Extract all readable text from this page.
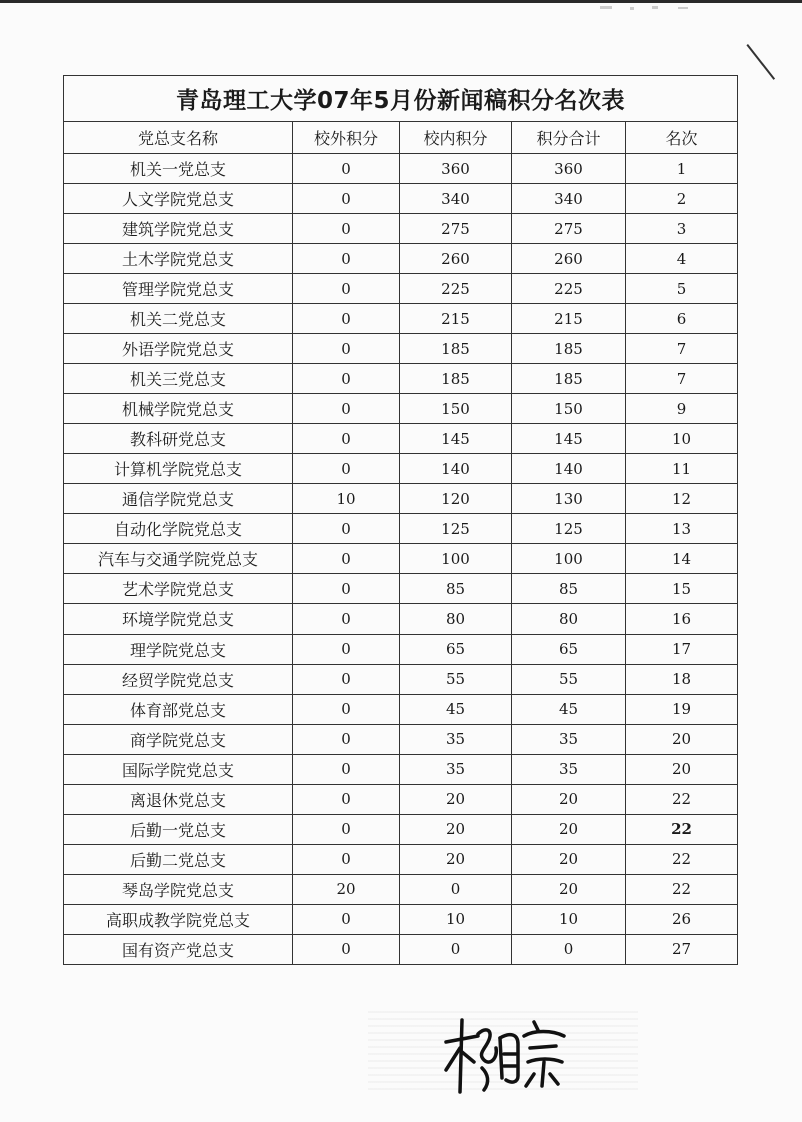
青岛理工大学07年5月份新闻稿积分名次表				
党总支名称	校外积分	校内积分	积分合计	名次
机关一党总支	0	360	360	1
人文学院党总支	0	340	340	2
建筑学院党总支	0	275	275	3
土木学院党总支	0	260	260	4
管理学院党总支	0	225	225	5
机关二党总支	0	215	215	6
外语学院党总支	0	185	185	7
机关三党总支	0	185	185	7
机械学院党总支	0	150	150	9
教科研党总支	0	145	145	10
计算机学院党总支	0	140	140	11
通信学院党总支	10	120	130	12
自动化学院党总支	0	125	125	13
汽车与交通学院党总支	0	100	100	14
艺术学院党总支	0	85	85	15
环境学院党总支	0	80	80	16
理学院党总支	0	65	65	17
经贸学院党总支	0	55	55	18
体育部党总支	0	45	45	19
商学院党总支	0	35	35	20
国际学院党总支	0	35	35	20
离退休党总支	0	20	20	22
后勤一党总支	0	20	20	22
后勤二党总支	0	20	20	22
琴岛学院党总支	20	0	20	22
高职成教学院党总支	0	10	10	26
国有资产党总支	0	0	0	27
